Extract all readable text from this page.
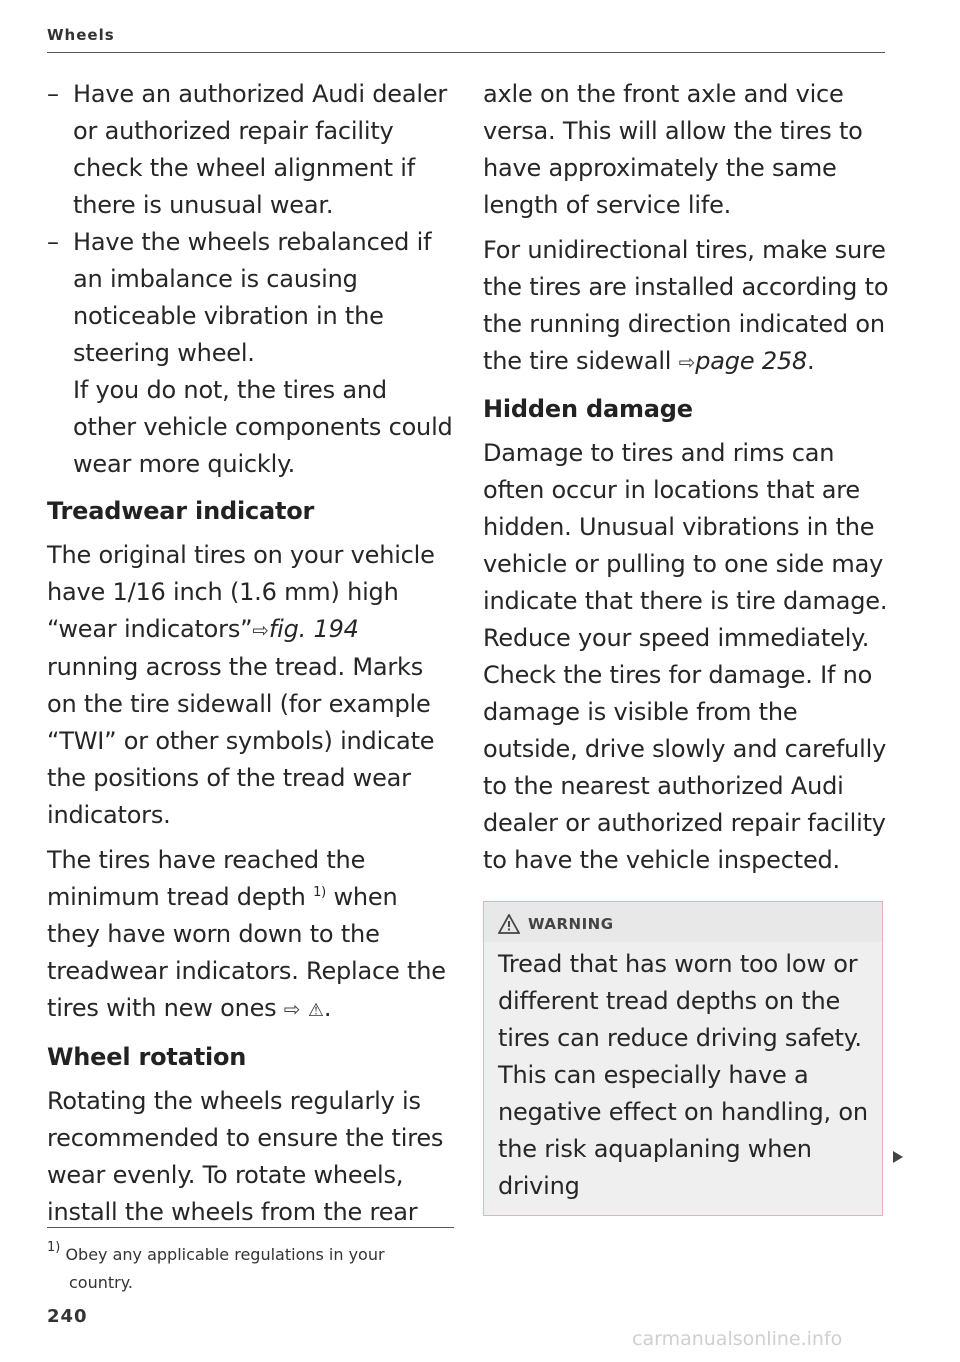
Wheels
– Have an authorized Audi dealer or authorized repair facility check the wheel alignment if there is unusual wear.
– Have the wheels rebalanced if an imbalance is causing noticeable vibration in the steering wheel.

If you do not, the tires and other vehicle components could wear more quickly.

Treadwear indicator

The original tires on your vehicle have 1/16 inch (1.6 mm) high “wear indicators”⇨fig. 194 running across the tread. Marks on the tire sidewall (for example “TWI” or other symbols) indicate the positions of the tread wear indicators.

The tires have reached the minimum tread depth $^{1)}$ when they have worn down to the treadwear indicators. Replace the tires with new ones ⇨ ⚠.

Wheel rotation

Rotating the wheels regularly is recommended to ensure the tires wear evenly. To rotate wheels, install the wheels from the rear

axle on the front axle and vice versa. This will allow the tires to have approximately the same length of service life.

For unidirectional tires, make sure the tires are installed according to the running direction indicated on the tire sidewall ⇨page 258.

Hidden damage

Damage to tires and rims can often occur in locations that are hidden. Unusual vibrations in the vehicle or pulling to one side may indicate that there is tire damage. Reduce your speed immediately. Check the tires for damage. If no damage is visible from the outside, drive slowly and carefully to the nearest authorized Audi dealer or authorized repair facility to have the vehicle inspected.

WARNING

Tread that has worn too low or different tread depths on the tires can reduce driving safety. This can especially have a negative effect on handling, on the risk aquaplaning when driving

$^{1)}$ Obey any applicable regulations in your
country.
240
carmanualsonline.info
